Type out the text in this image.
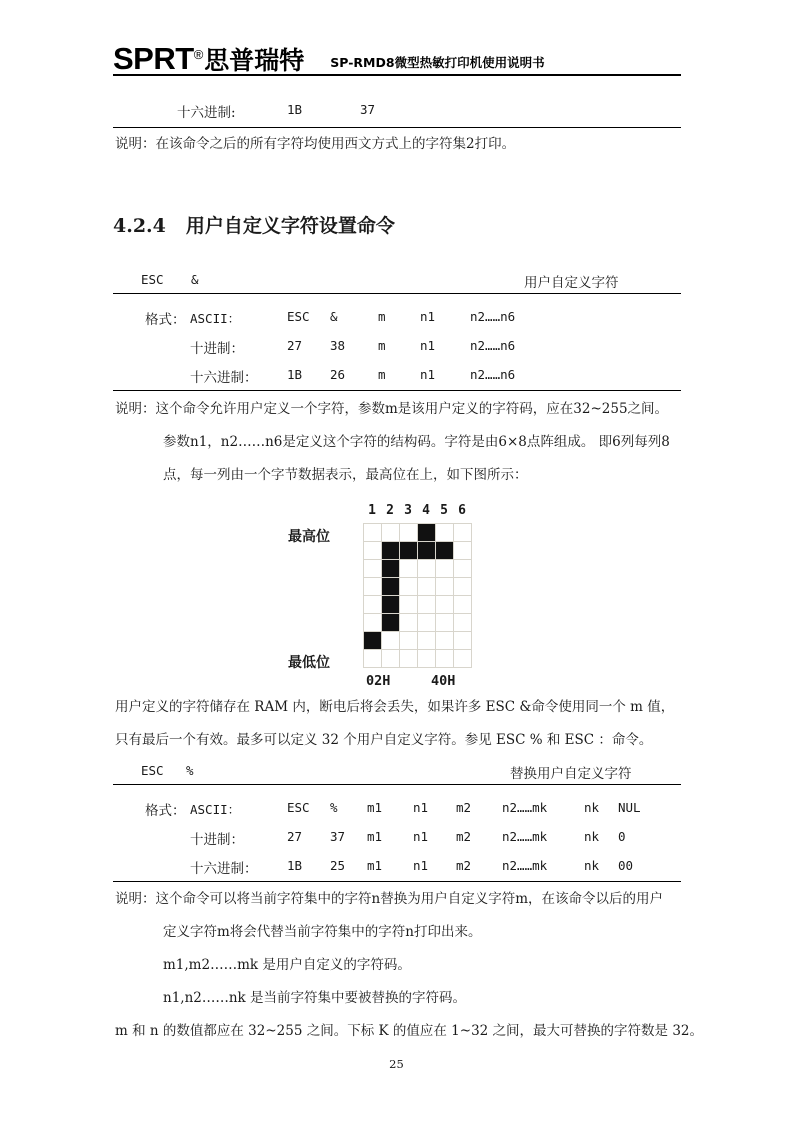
SPRT ® 思普瑞特 SP-RMD8微型热敏打印机使用说明书
十六进制:	1B	37
说明：在该命令之后的所有字符均使用西文方式上的字符集2打印。
4.2.4 用户自定义字符设置命令
ESC &	用户自定义字符
格式： ASCII：	ESC &	m	n1	n2……n6
十进制：	27 38	m	n1	n2……n6
十六进制： 1B 26	m	n1	n2……n6
说明：这个命令允许用户定义一个字符，参数m是该用户定义的字符码，应在32~255之间。
参数n1，n2……n6是定义这个字符的结构码。字符是由6×8点阵组成。 即6列每列8
点，每一列由一个字节数据表示，最高位在上，如下图所示：
1 2 3 4 5 6
最高位
最低位
02H	40H
用户定义的字符储存在 RAM 内，断电后将会丢失，如果许多 ESC &命令使用同一个 m 值，
只有最后一个有效。最多可以定义 32 个用户自定义字符。参见 ESC % 和 ESC ：命令。
ESC %	替换用户自定义字符
格式： ASCII：	ESC % m1 n1 m2 n2……mk	nk NUL
十进制：	27 37 m1 n1 m2 n2……mk	nk 0
十六进制： 1B 25 m1 n1 m2 n2……mk	nk 00
说明：这个命令可以将当前字符集中的字符n替换为用户自定义字符m，在该命令以后的用户
定义字符m将会代替当前字符集中的字符n打印出来。
m1,m2……mk 是用户自定义的字符码。
n1,n2……nk 是当前字符集中要被替换的字符码。
m 和 n 的数值都应在 32~255 之间。下标 K 的值应在 1~32 之间，最大可替换的字符数是 32。
25
